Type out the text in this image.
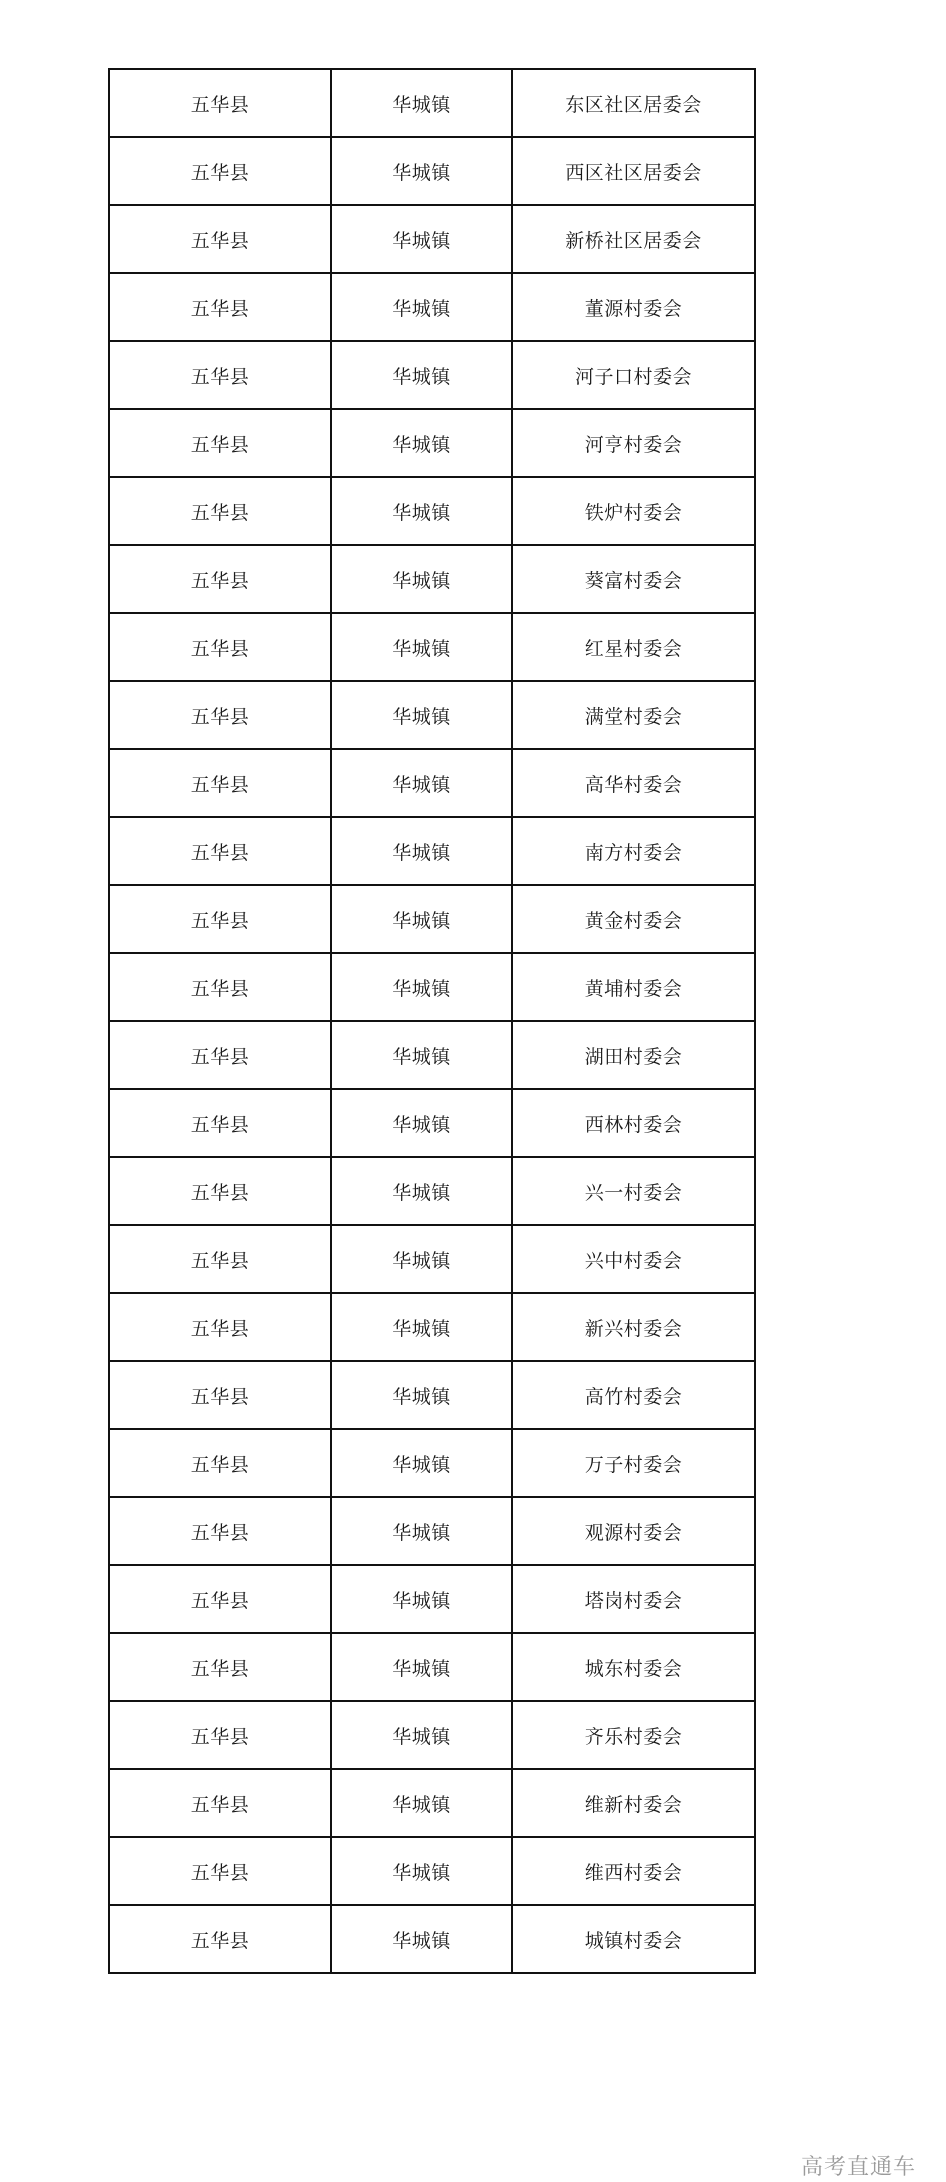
五华县	华城镇	东区社区居委会
五华县	华城镇	西区社区居委会
五华县	华城镇	新桥社区居委会
五华县	华城镇	董源村委会
五华县	华城镇	河子口村委会
五华县	华城镇	河亨村委会
五华县	华城镇	铁炉村委会
五华县	华城镇	葵富村委会
五华县	华城镇	红星村委会
五华县	华城镇	满堂村委会
五华县	华城镇	高华村委会
五华县	华城镇	南方村委会
五华县	华城镇	黄金村委会
五华县	华城镇	黄埔村委会
五华县	华城镇	湖田村委会
五华县	华城镇	西林村委会
五华县	华城镇	兴一村委会
五华县	华城镇	兴中村委会
五华县	华城镇	新兴村委会
五华县	华城镇	高竹村委会
五华县	华城镇	万子村委会
五华县	华城镇	观源村委会
五华县	华城镇	塔岗村委会
五华县	华城镇	城东村委会
五华县	华城镇	齐乐村委会
五华县	华城镇	维新村委会
五华县	华城镇	维西村委会
五华县	华城镇	城镇村委会
高考直通车
